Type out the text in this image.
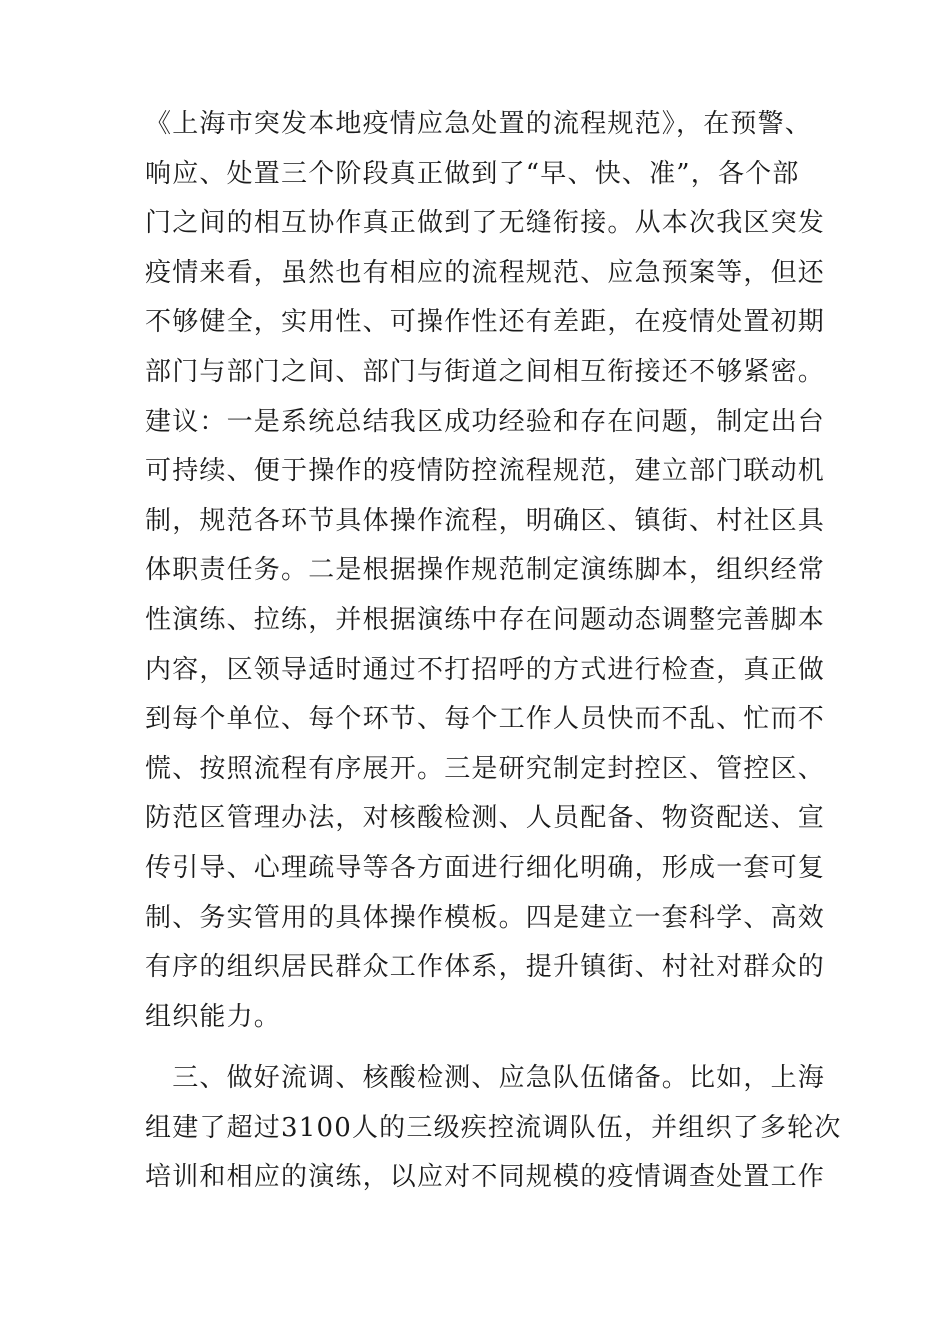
《上海市突发本地疫情应急处置的流程规范》，在预警、
响应、处置三个阶段真正做到了“早、快、准”，各个部
门之间的相互协作真正做到了无缝衔接。从本次我区突发
疫情来看，虽然也有相应的流程规范、应急预案等，但还
不够健全，实用性、可操作性还有差距，在疫情处置初期
部门与部门之间、部门与街道之间相互衔接还不够紧密。
建议：一是系统总结我区成功经验和存在问题，制定出台
可持续、便于操作的疫情防控流程规范，建立部门联动机
制，规范各环节具体操作流程，明确区、镇街、村社区具
体职责任务。二是根据操作规范制定演练脚本，组织经常
性演练、拉练，并根据演练中存在问题动态调整完善脚本
内容，区领导适时通过不打招呼的方式进行检查，真正做
到每个单位、每个环节、每个工作人员快而不乱、忙而不
慌、按照流程有序展开。三是研究制定封控区、管控区、
防范区管理办法，对核酸检测、人员配备、物资配送、宣
传引导、心理疏导等各方面进行细化明确，形成一套可复
制、务实管用的具体操作模板。四是建立一套科学、高效
有序的组织居民群众工作体系，提升镇街、村社对群众的
组织能力。
　三、做好流调、核酸检测、应急队伍储备。比如，上海
组建了超过3100人的三级疾控流调队伍，并组织了多轮次
培训和相应的演练，以应对不同规模的疫情调查处置工作
